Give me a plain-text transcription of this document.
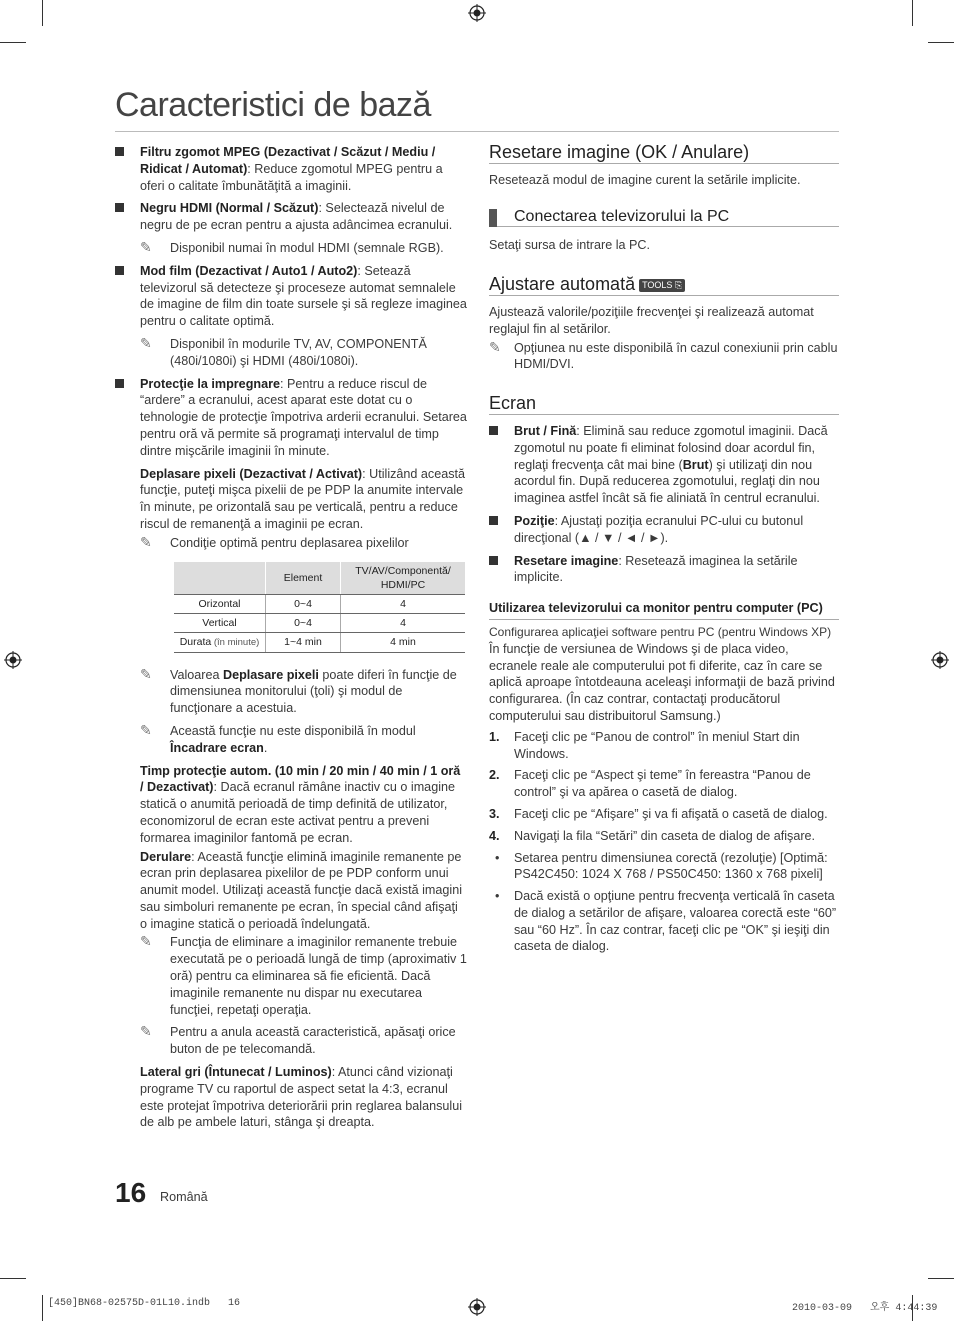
Caracteristici de bază
Filtru zgomot MPEG (Dezactivat / Scăzut / Mediu / Ridicat / Automat): Reduce zgomotul MPEG pentru a oferi o calitate îmbunătăţită a imaginii.
Negru HDMI (Normal / Scăzut): Selectează nivelul de negru de pe ecran pentru a ajusta adâncimea ecranului.
✎ Disponibil numai în modul HDMI (semnale RGB).
Mod film (Dezactivat / Auto1 / Auto2): Setează televizorul să detecteze şi proceseze automat semnalele de imagine de film din toate sursele şi să regleze imaginea pentru o calitate optimă.
✎ Disponibil în modurile TV, AV, COMPONENTĂ (480i/1080i) şi HDMI (480i/1080i).
Protecţie la impregnare: Pentru a reduce riscul de “ardere” a ecranului, acest aparat este dotat cu o tehnologie de protecţie împotriva arderii ecranului. Setarea pentru oră vă permite să programaţi intervalul de timp dintre mişcările imaginii în minute.
Deplasare pixeli (Dezactivat / Activat): Utilizând această funcţie, puteţi mişca pixelii de pe PDP la anumite intervale în minute, pe orizontală sau pe verticală, pentru a reduce riscul de remanenţă a imaginii pe ecran.
✎ Condiţie optimă pentru deplasarea pixelilor
	Element	TV/AV/Componentă/ HDMI/PC
Orizontal	0~4	4
Vertical	0~4	4
Durata (în minute)	1~4 min	4 min
✎ Valoarea Deplasare pixeli poate diferi în funcţie de dimensiunea monitorului (ţoli) şi modul de funcţionare a acestuia.
✎ Această funcţie nu este disponibilă în modul Încadrare ecran.
Timp protecţie autom. (10 min / 20 min / 40 min / 1 oră / Dezactivat): Dacă ecranul rămâne inactiv cu o imagine statică o anumită perioadă de timp definită de utilizator, economizorul de ecran este activat pentru a preveni formarea imaginilor fantomă pe ecran.
Derulare: Această funcţie elimină imaginile remanente pe ecran prin deplasarea pixelilor de pe PDP conform unui anumit model. Utilizaţi această funcţie dacă există imagini sau simboluri remanente pe ecran, în special când afişaţi o imagine statică o perioadă îndelungată.
✎ Funcţia de eliminare a imaginilor remanente trebuie executată pe o perioadă lungă de timp (aproximativ 1 oră) pentru ca eliminarea să fie eficientă. Dacă imaginile remanente nu dispar nu executarea funcţiei, repetaţi operaţia.
✎ Pentru a anula această caracteristică, apăsaţi orice buton de pe telecomandă.
Lateral gri (Întunecat / Luminos): Atunci când vizionaţi programe TV cu raportul de aspect setat la 4:3, ecranul este protejat împotriva deteriorării prin reglarea balansului de alb pe ambele laturi, stânga şi dreapta.
Resetare imagine (OK / Anulare)
Resetează modul de imagine curent la setările implicite.
Conectarea televizorului la PC
Setaţi sursa de intrare la PC.
Ajustare automată TOOLS ⎘
Ajustează valorile/poziţiile frecvenţei şi realizează automat reglajul fin al setărilor.
✎ Opţiunea nu este disponibilă în cazul conexiunii prin cablu HDMI/DVI.
Ecran
Brut / Fină: Elimină sau reduce zgomotul imaginii. Dacă zgomotul nu poate fi eliminat folosind doar acordul fin, reglaţi frecvenţa cât mai bine (Brut) şi utilizaţi din nou acordul fin. După reducerea zgomotului, reglaţi din nou imaginea astfel încât să fie aliniată în centrul ecranului.
Poziţie: Ajustaţi poziţia ecranului PC-ului cu butonul direcţional (▲ / ▼ / ◄ / ►).
Resetare imagine: Resetează imaginea la setările implicite.
Utilizarea televizorului ca monitor pentru computer (PC)
Configurarea aplicaţiei software pentru PC (pentru Windows XP)
În funcţie de versiunea de Windows şi de placa video, ecranele reale ale computerului pot fi diferite, caz în care se aplică aproape întotdeauna aceleaşi informaţii de bază privind configurarea. (În caz contrar, contactaţi producătorul computerului sau distribuitorul Samsung.)
1. Faceţi clic pe “Panou de control” în meniul Start din Windows.
2. Faceţi clic pe “Aspect şi teme” în fereastra “Panou de control” şi va apărea o casetă de dialog.
3. Faceţi clic pe “Afişare” şi va fi afişată o casetă de dialog.
4. Navigaţi la fila “Setări” din caseta de dialog de afişare.
• Setarea pentru dimensiunea corectă (rezoluţie) [Optimă: PS42C450: 1024 X 768 / PS50C450: 1360 x 768 pixeli]
• Dacă există o opţiune pentru frecvenţa verticală în caseta de dialog a setărilor de afişare, valoarea corectă este “60” sau “60 Hz”. În caz contrar, faceţi clic pe “OK” şi ieşiţi din caseta de dialog.
16 Română
[450]BN68-02575D-01L10.indb   16	2010-03-09   오후 4:44:39
